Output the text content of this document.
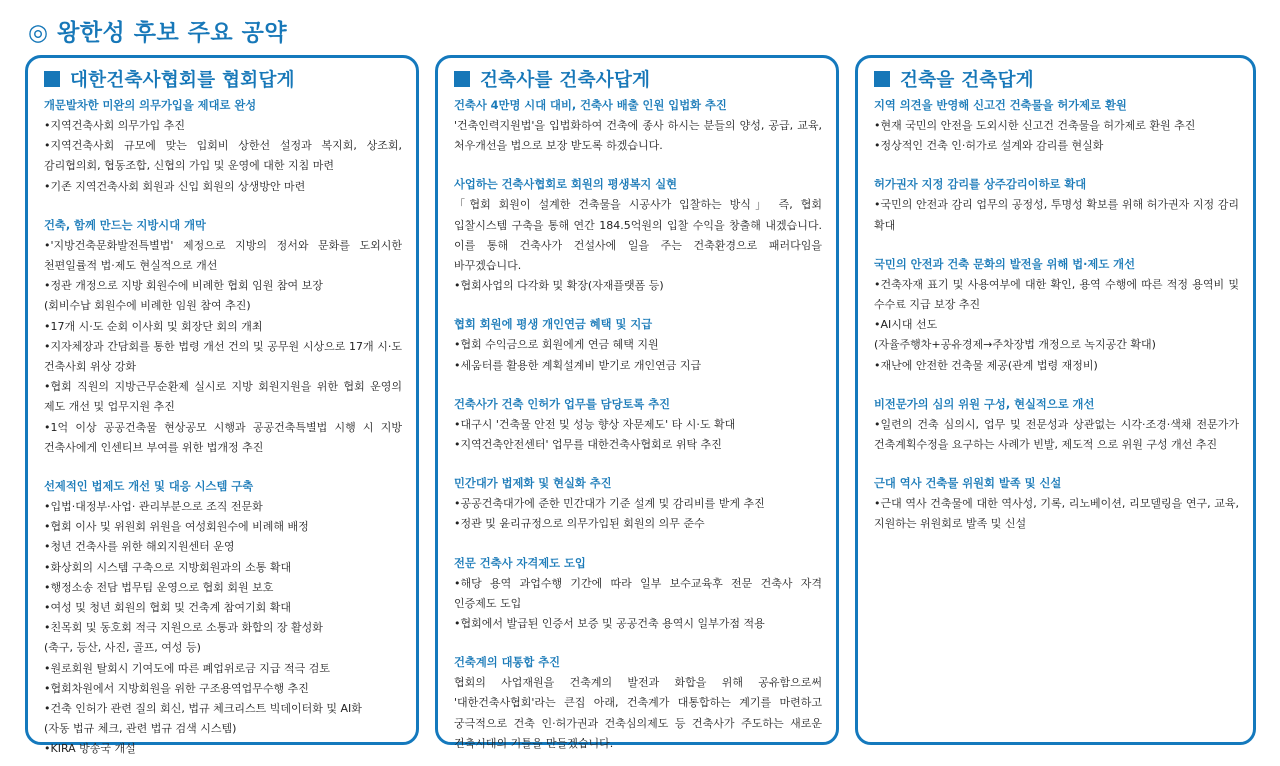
◎ 왕한성 후보 주요 공약
대한건축사협회를 협회답게

개문발차한 미완의 의무가입을 제대로 완성

•지역건축사회 의무가입 추진

•지역건축사회 규모에 맞는 입회비 상한선 설정과 복지회, 상조회, 감리협의회, 협동조합, 신협의 가입 및 운영에 대한 지침 마련

•기존 지역건축사회 회원과 신입 회원의 상생방안 마련

건축, 함께 만드는 지방시대 개막

•'지방건축문화발전특별법' 제정으로 지방의 정서와 문화를 도외시한 천편일률적 법·제도 현실적으로 개선

•정관 개정으로 지방 회원수에 비례한 협회 임원 참여 보장

(회비수납 회원수에 비례한 임원 참여 추진)

•17개 시·도 순회 이사회 및 회장단 회의 개최

•지자체장과 간담회를 통한 법령 개선 건의 및 공무원 시상으로 17개 시·도 건축사회 위상 강화

•협회 직원의 지방근무순환제 실시로 지방 회원지원을 위한 협회 운영의 제도 개선 및 업무지원 추진

•1억 이상 공공건축물 현상공모 시행과 공공건축특별법 시행 시 지방 건축사에게 인센티브 부여를 위한 법개정 추진

선제적인 법제도 개선 및 대응 시스템 구축

•입법·대정부·사업· 관리부분으로 조직 전문화

•협회 이사 및 위원회 위원을 여성회원수에 비례해 배정

•청년 건축사를 위한 해외지원센터 운영

•화상회의 시스템 구축으로 지방회원과의 소통 확대

•행정소송 전담 법무팀 운영으로 협회 회원 보호

•여성 및 청년 회원의 협회 및 건축계 참여기회 확대

•친목회 및 동호회 적극 지원으로 소통과 화합의 장 활성화

(축구, 등산, 사진, 골프, 여성 등)

•원로회원 탈회시 기여도에 따른 폐업위로금 지급 적극 검토

•협회차원에서 지방회원을 위한 구조용역업무수행 추진

•건축 인허가 관련 질의 회신, 법규 체크리스트 빅데이터화 및 AI화

(자동 법규 체크, 관련 법규 검색 시스템)

•KIRA 방송국 개설

건축사를 건축사답게

건축사 4만명 시대 대비, 건축사 배출 인원 입법화 추진

'건축인력지원법'을 입법화하여 건축에 종사 하시는 분들의 양성, 공급, 교육, 처우개선을 법으로 보장 받도록 하겠습니다.

사업하는 건축사협회로 회원의 평생복지 실현

「협회 회원이 설계한 건축물을 시공사가 입찰하는 방식」 즉, 협회 입찰시스템 구축을 통해 연간 184.5억원의 입찰 수익을 창출해 내겠습니다. 이를 통해 건축사가 건설사에 일을 주는 건축환경으로 패러다임을 바꾸겠습니다.

•협회사업의 다각화 및 확장(자재플랫폼 등)

협회 회원에 평생 개인연금 혜택 및 지급

•협회 수익금으로 회원에게 연금 혜택 지원

•세움터를 활용한 계획설계비 받기로 개인연금 지급

건축사가 건축 인허가 업무를 담당토록 추진

•대구시 '건축물 안전 및 성능 향상 자문제도' 타 시·도 확대

•지역건축안전센터' 업무를 대한건축사협회로 위탁 추진

민간대가 법제화 및 현실화 추진

•공공건축대가에 준한 민간대가 기준 설계 및 감리비를 받게 추진

•정관 및 윤리규정으로 의무가입된 회원의 의무 준수

전문 건축사 자격제도 도입

•해당 용역 과업수행 기간에 따라 일부 보수교육후 전문 건축사 자격 인증제도 도입

•협회에서 발급된 인증서 보증 및 공공건축 용역시 일부가점 적용

건축계의 대통합 추진

협회의 사업재원을 건축계의 발전과 화합을 위해 공유함으로써 '대한건축사협회'라는 큰집 아래, 건축계가 대통합하는 계기를 마련하고 궁극적으로 건축 인·허가권과 건축심의제도 등 건축사가 주도하는 새로운 건축시대의 기틀을 만들겠습니다.

건축을 건축답게

지역 의견을 반영해 신고건 건축물을 허가제로 환원

•현재 국민의 안전을 도외시한 신고건 건축물을 허가제로 환원 추진

•정상적인 건축 인·허가로 설계와 감리를 현실화

허가권자 지정 감리를 상주감리이하로 확대

•국민의 안전과 감리 업무의 공정성, 투명성 확보를 위해 허가권자 지정 감리 확대

국민의 안전과 건축 문화의 발전을 위해 법·제도 개선

•건축자재 표기 및 사용여부에 대한 확인, 용역 수행에 따른 적정 용역비 및 수수료 지급 보장 추진

•AI시대 선도

(자율주행차+공유경제→주차장법 개정으로 녹지공간 확대)

•재난에 안전한 건축물 제공(관계 법령 재정비)

비전문가의 심의 위원 구성, 현실적으로 개선

•일련의 건축 심의시, 업무 및 전문성과 상관없는 시각·조경·색채 전문가가 건축계획수정을 요구하는 사례가 빈발, 제도적 으로 위원 구성 개선 추진

근대 역사 건축물 위원회 발족 및 신설

•근대 역사 건축물에 대한 역사성, 기록, 리노베이션, 리모델링을 연구, 교육, 지원하는 위원회로 발족 및 신설
